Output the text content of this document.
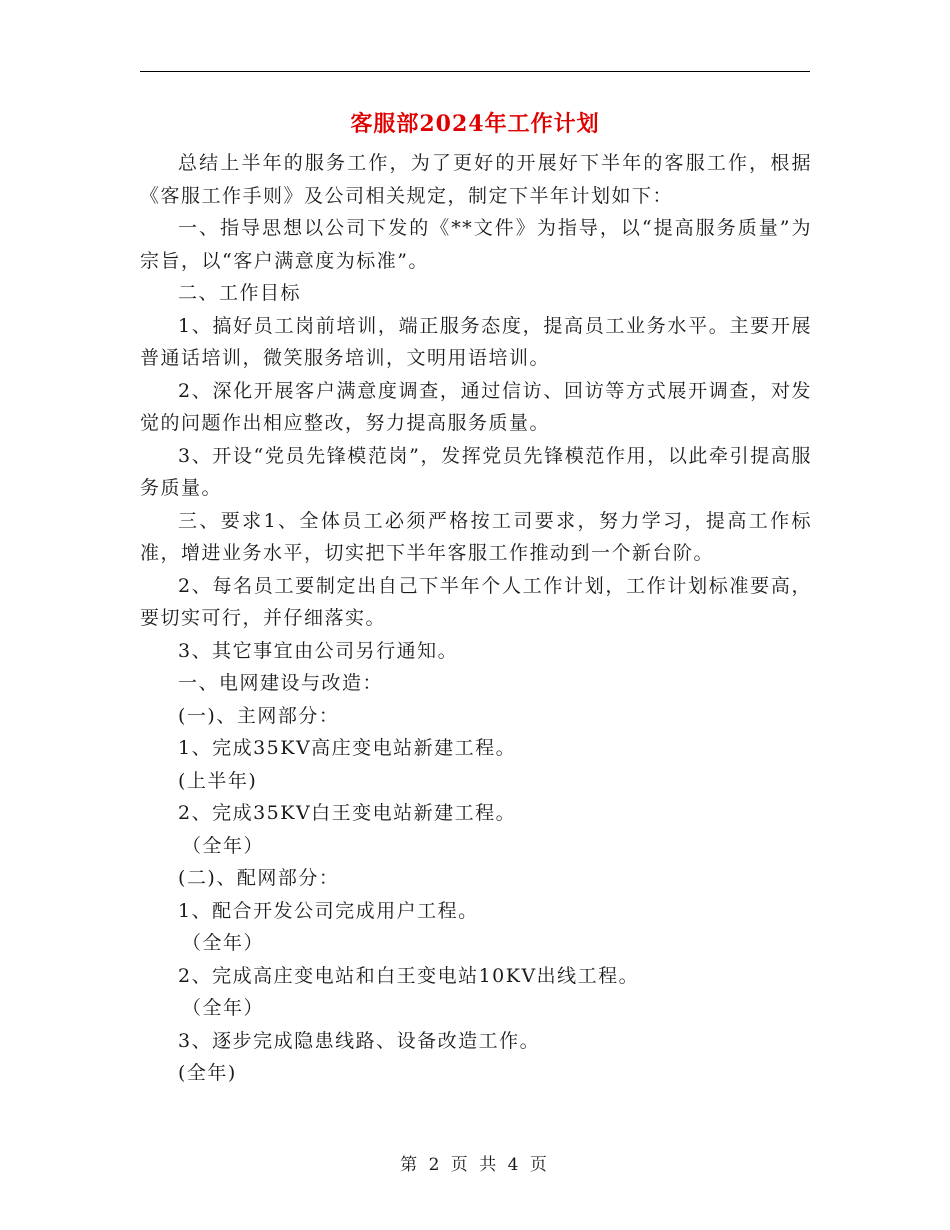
客服部2024年工作计划

总结上半年的服务工作，为了更好的开展好下半年的客服工作，根据《客服工作手则》及公司相关规定，制定下半年计划如下：

一、指导思想以公司下发的《**文件》为指导，以“提高服务质量”为宗旨，以“客户满意度为标准”。

二、工作目标

1、搞好员工岗前培训，端正服务态度，提高员工业务水平。主要开展普通话培训，微笑服务培训，文明用语培训。

2、深化开展客户满意度调查，通过信访、回访等方式展开调查，对发觉的问题作出相应整改，努力提高服务质量。

3、开设“党员先锋模范岗”，发挥党员先锋模范作用，以此牵引提高服务质量。

三、要求1、全体员工必须严格按工司要求，努力学习，提高工作标准，增进业务水平，切实把下半年客服工作推动到一个新台阶。

2、每名员工要制定出自己下半年个人工作计划，工作计划标准要高，要切实可行，并仔细落实。

3、其它事宜由公司另行通知。

一、电网建设与改造：

(一)、主网部分：

1、完成35KV高庄变电站新建工程。

(上半年)

2、完成35KV白王变电站新建工程。

（全年）

(二)、配网部分：

1、配合开发公司完成用户工程。

（全年）

2、完成高庄变电站和白王变电站10KV出线工程。

（全年）

3、逐步完成隐患线路、设备改造工作。

(全年)

第 2 页 共 4 页
